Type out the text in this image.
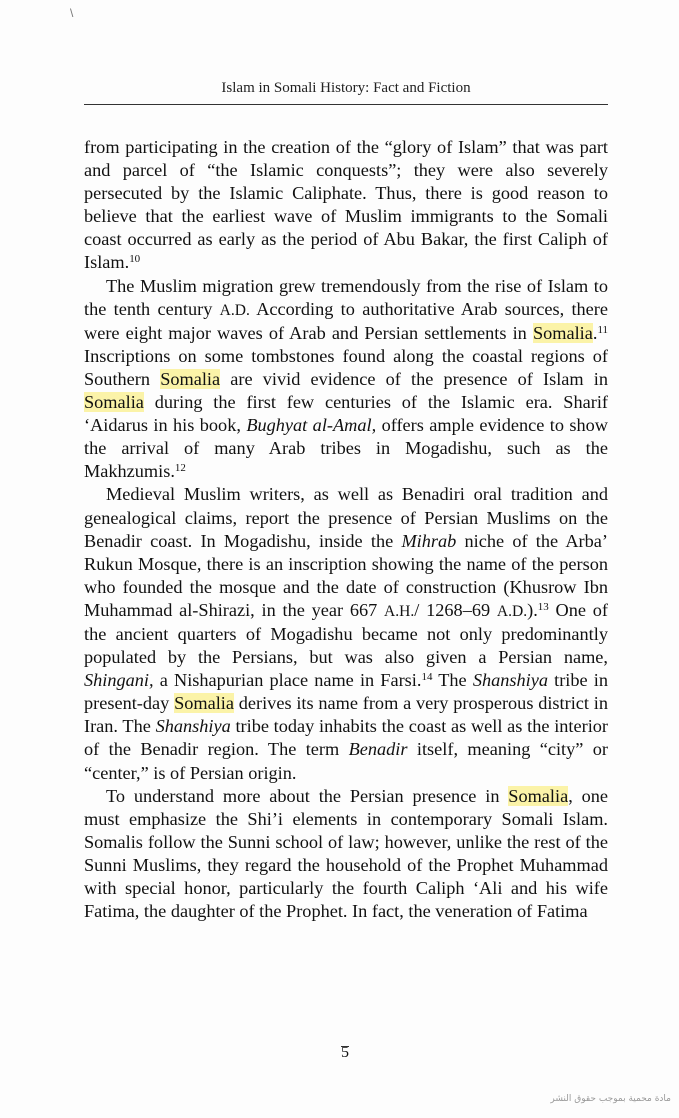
\
Islam in Somali History: Fact and Fiction

from participating in the creation of the “glory of Islam” that was part and parcel of “the Islamic conquests”; they were also severely persecuted by the Islamic Caliphate. Thus, there is good reason to believe that the earliest wave of Muslim immigrants to the Somali coast occurred as early as the period of Abu Bakar, the first Caliph of Islam.$^{10}$

The Muslim migration grew tremendously from the rise of Islam to the tenth century A.D. According to authoritative Arab sources, there were eight major waves of Arab and Persian settlements in Somalia.$^{11}$ Inscriptions on some tombstones found along the coastal regions of Southern Somalia are vivid evidence of the presence of Islam in Somalia during the first few centuries of the Islamic era. Sharif ‘Aidarus in his book, Bughyat al-Amal, offers ample evidence to show the arrival of many Arab tribes in Mogadishu, such as the Makhzumis.$^{12}$

Medieval Muslim writers, as well as Benadiri oral tradition and genealogical claims, report the presence of Persian Muslims on the Benadir coast. In Mogadishu, inside the Mihrab niche of the Arba’ Rukun Mosque, there is an inscription showing the name of the person who founded the mosque and the date of construction (Khusrow Ibn Muhammad al-Shirazi, in the year 667 A.H./ 1268–69 A.D.).$^{13}$ One of the ancient quarters of Mogadishu became not only predominantly populated by the Persians, but was also given a Persian name, Shingani, a Nishapurian place name in Farsi.$^{14}$ The Shanshiya tribe in present-day Somalia derives its name from a very prosperous district in Iran. The Shanshiya tribe today inhabits the coast as well as the interior of the Benadir region. The term Benadir itself, meaning “city” or “center,” is of Persian origin.

To understand more about the Persian presence in Somalia, one must emphasize the Shi’i elements in contemporary Somali Islam. Somalis follow the Sunni school of law; however, unlike the rest of the Sunni Muslims, they regard the household of the Prophet Muhammad with special honor, particularly the fourth Caliph ‘Ali and his wife Fatima, the daughter of the Prophet. In fact, the veneration of Fatima

5
مادة محمية بموجب حقوق النشر
